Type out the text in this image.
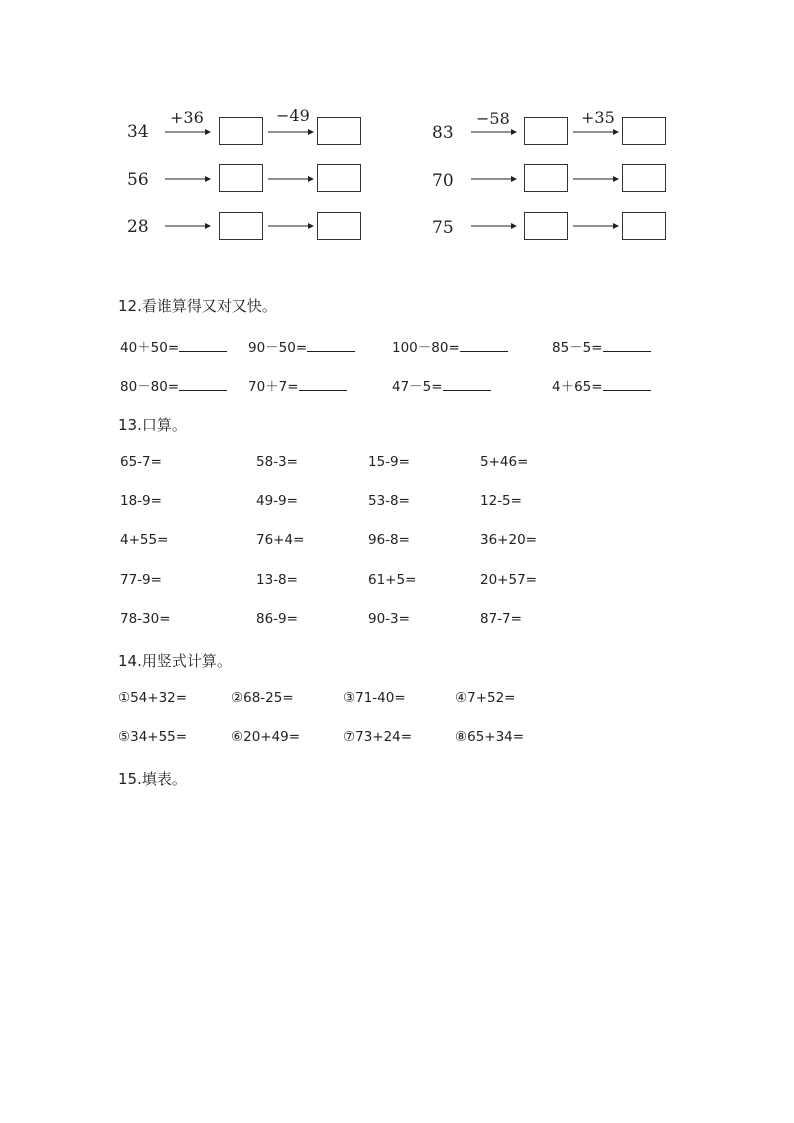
+36	−49
34
56
28
−58	+35
83
70
75
12.看谁算得又对又快。
40＋50=	90－50=	100－80=	85－5=
80－80=	70＋7=	47－5=	4＋65=
13.口算。
65-7=	58-3=	15-9=	5+46=
18-9=	49-9=	53-8=	12-5=
4+55=	76+4=	96-8=	36+20=
77-9=	13-8=	61+5=	20+57=
78-30=	86-9=	90-3=	87-7=
14.用竖式计算。
①54+32=	②68-25=	③71-40=	④7+52=
⑤34+55=	⑥20+49=	⑦73+24=	⑧65+34=
15.填表。
